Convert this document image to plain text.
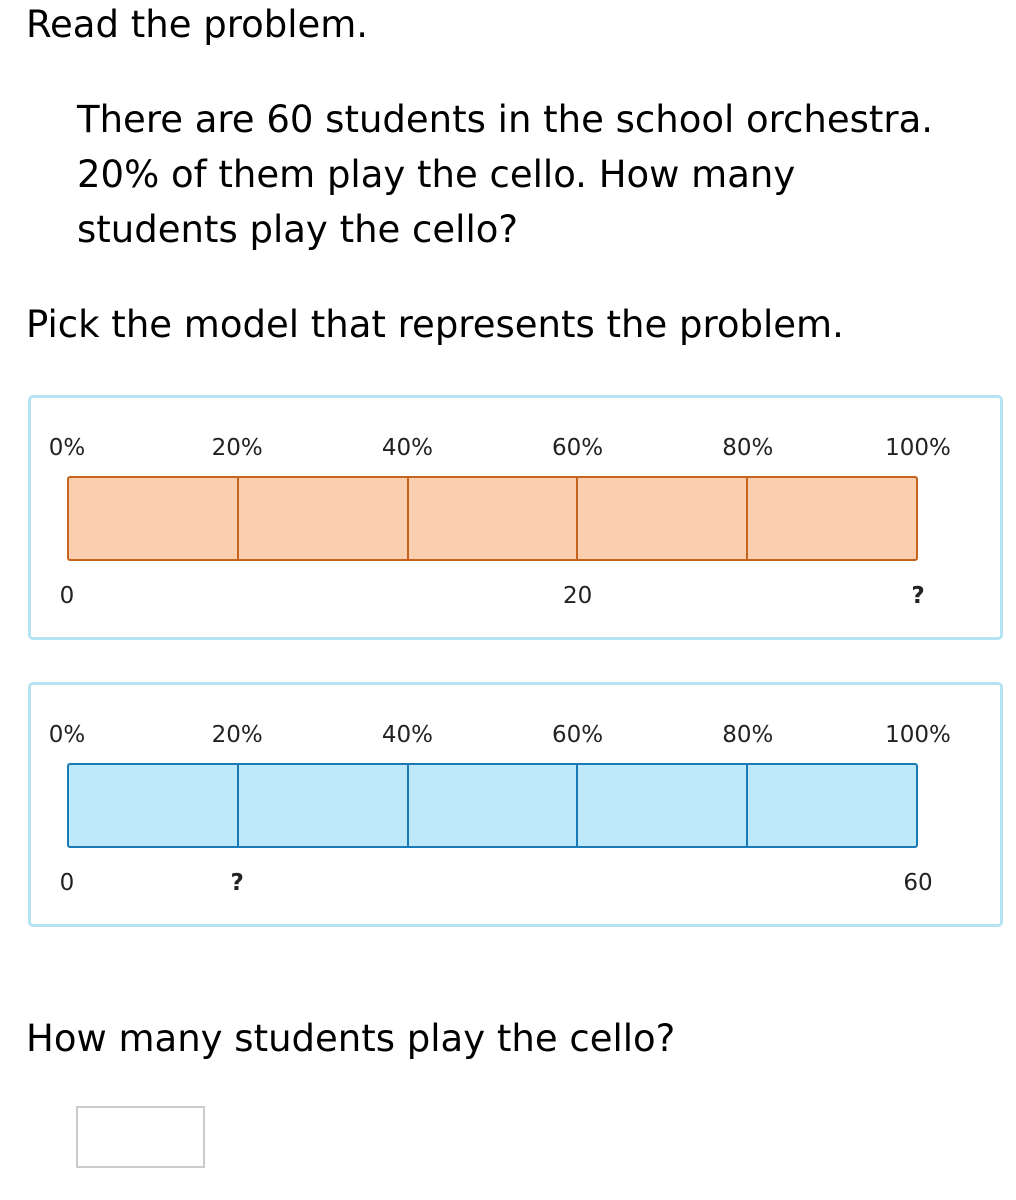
Read the problem.
There are 60 students in the school orchestra.
20% of them play the cello. How many
students play the cello?
Pick the model that represents the problem.
0%	20%	40%	60%	80%	100%
0	20	?
0%	20%	40%	60%	80%	100%
0	?	60
How many students play the cello?
